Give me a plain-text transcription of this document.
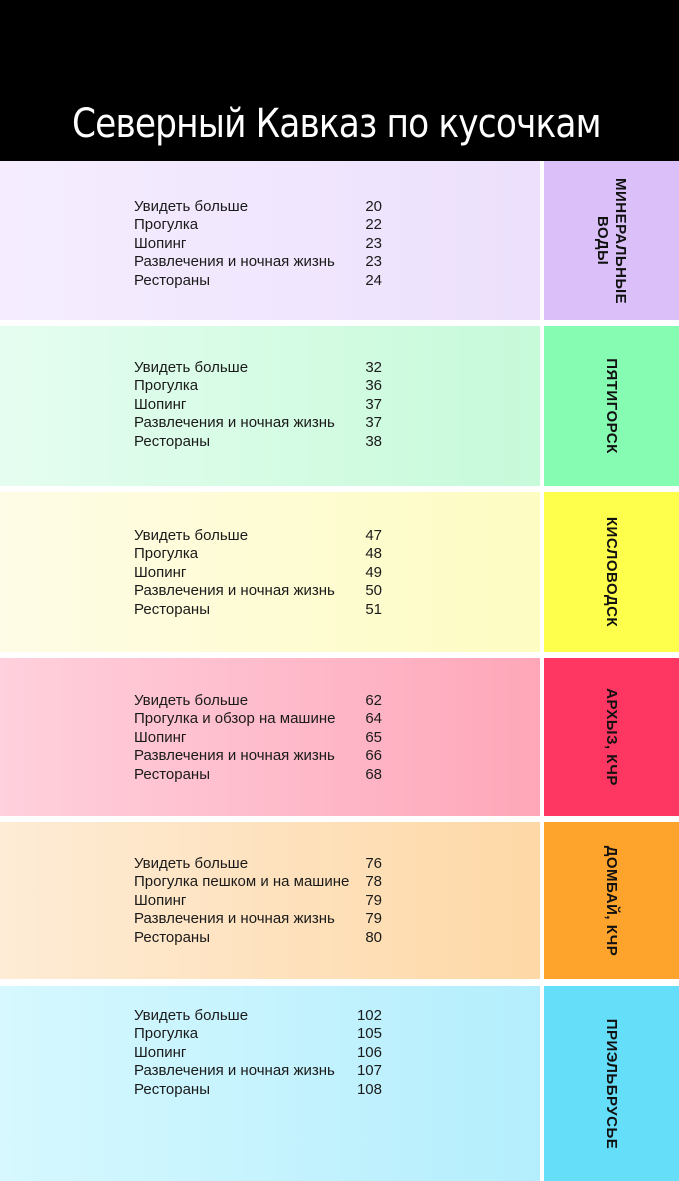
Северный Кавказ по кусочкам
Увидеть больше	20
Прогулка	22
Шопинг	23
Развлечения и ночная жизнь 23
Рестораны	24	МИНЕРАЛЬНЫЕ ВОДЫ
Увидеть больше	32
Прогулка	36
Шопинг	37
Развлечения и ночная жизнь 37
Рестораны	38	ПЯТИГОРСК
Увидеть больше	47
Прогулка	48
Шопинг	49
Развлечения и ночная жизнь 50
Рестораны	51	КИСЛОВОДСК
Увидеть больше	62
Прогулка и обзор на машине 64
Шопинг	65
Развлечения и ночная жизнь 66
Рестораны	68	АРХЫЗ, КЧР
Увидеть больше	76
Прогулка пешком и на машине 78
Шопинг	79
Развлечения и ночная жизнь 79
Рестораны	80	ДОМБАЙ, КЧР
Увидеть больше	102
Прогулка	105
Шопинг	106
Развлечения и ночная жизнь 107
Рестораны	108	ПРИЭЛЬБРУСЬЕ
